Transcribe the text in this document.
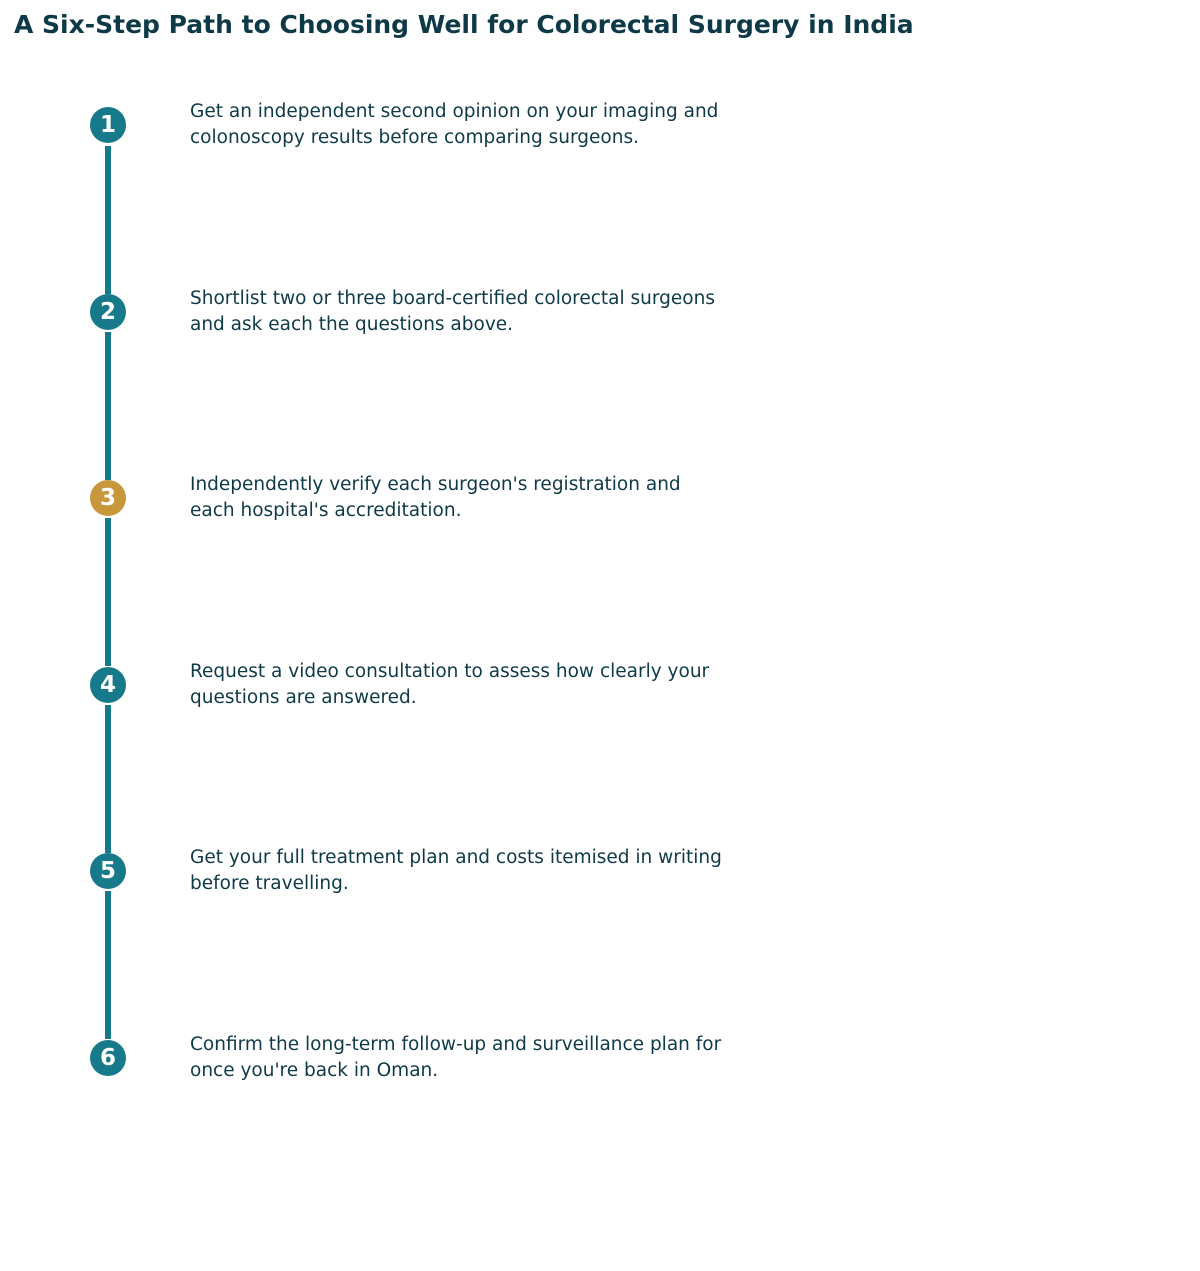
A Six-Step Path to Choosing Well for Colorectal Surgery in India
1

Get an independent second opinion on your imaging and colonoscopy results before comparing surgeons.

2

Shortlist two or three board-certified colorectal surgeons and ask each the questions above.

3

Independently verify each surgeon's registration and each hospital's accreditation.

4

Request a video consultation to assess how clearly your questions are answered.

5

Get your full treatment plan and costs itemised in writing before travelling.

6

Confirm the long-term follow-up and surveillance plan for once you're back in Oman.
